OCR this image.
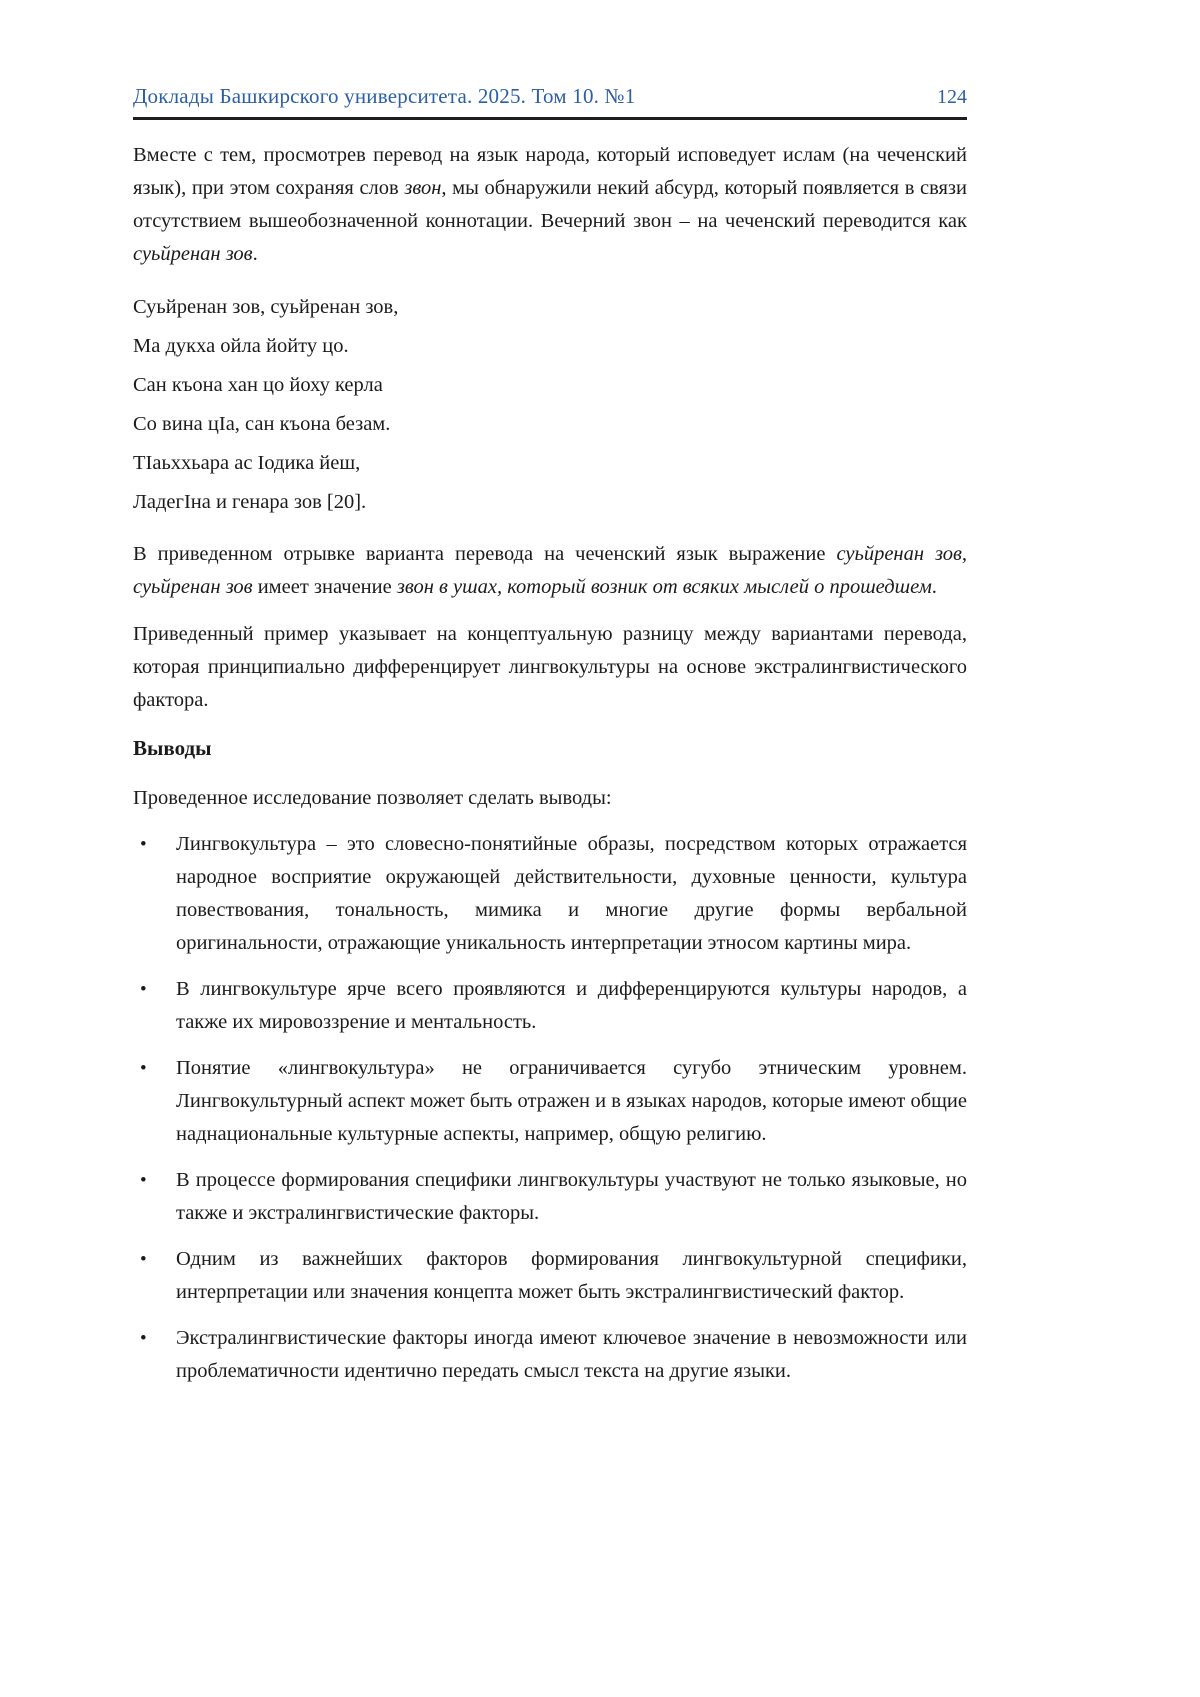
Доклады Башкирского университета. 2025. Том 10. №1	124

Вместе с тем, просмотрев перевод на язык народа, который исповедует ислам (на чеченский язык), при этом сохраняя слов звон, мы обнаружили некий абсурд, который появляется в связи отсутствием вышеобозначенной коннотации. Вечерний звон – на чеченский переводится как суьйренан зов.

Суьйренан зов, суьйренан зов,
Ма дукха ойла йойту цо.
Сан къона хан цо йоху керла
Со вина цIа, сан къона безам.
ТIаьххьара ас Iодика йеш,
ЛадегIна и генара зов [20].

В приведенном отрывке варианта перевода на чеченский язык выражение суьйренан зов, суьйренан зов имеет значение звон в ушах, который возник от всяких мыслей о прошедшем.

Приведенный пример указывает на концептуальную разницу между вариантами перевода, которая принципиально дифференцирует лингвокультуры на основе экстралингвистического фактора.

Выводы

Проведенное исследование позволяет сделать выводы:

• Лингвокультура – это словесно-понятийные образы, посредством которых отражается народное восприятие окружающей действительности, духовные ценности, культура повествования, тональность, мимика и многие другие формы вербальной оригинальности, отражающие уникальность интерпретации этносом картины мира.
• В лингвокультуре ярче всего проявляются и дифференцируются культуры народов, а также их мировоззрение и ментальность.
• Понятие «лингвокультура» не ограничивается сугубо этническим уровнем. Лингвокультурный аспект может быть отражен и в языках народов, которые имеют общие наднациональные культурные аспекты, например, общую религию.
• В процессе формирования специфики лингвокультуры участвуют не только языковые, но также и экстралингвистические факторы.
• Одним из важнейших факторов формирования лингвокультурной специфики, интерпретации или значения концепта может быть экстралингвистический фактор.
• Экстралингвистические факторы иногда имеют ключевое значение в невозможности или проблематичности идентично передать смысл текста на другие языки.
